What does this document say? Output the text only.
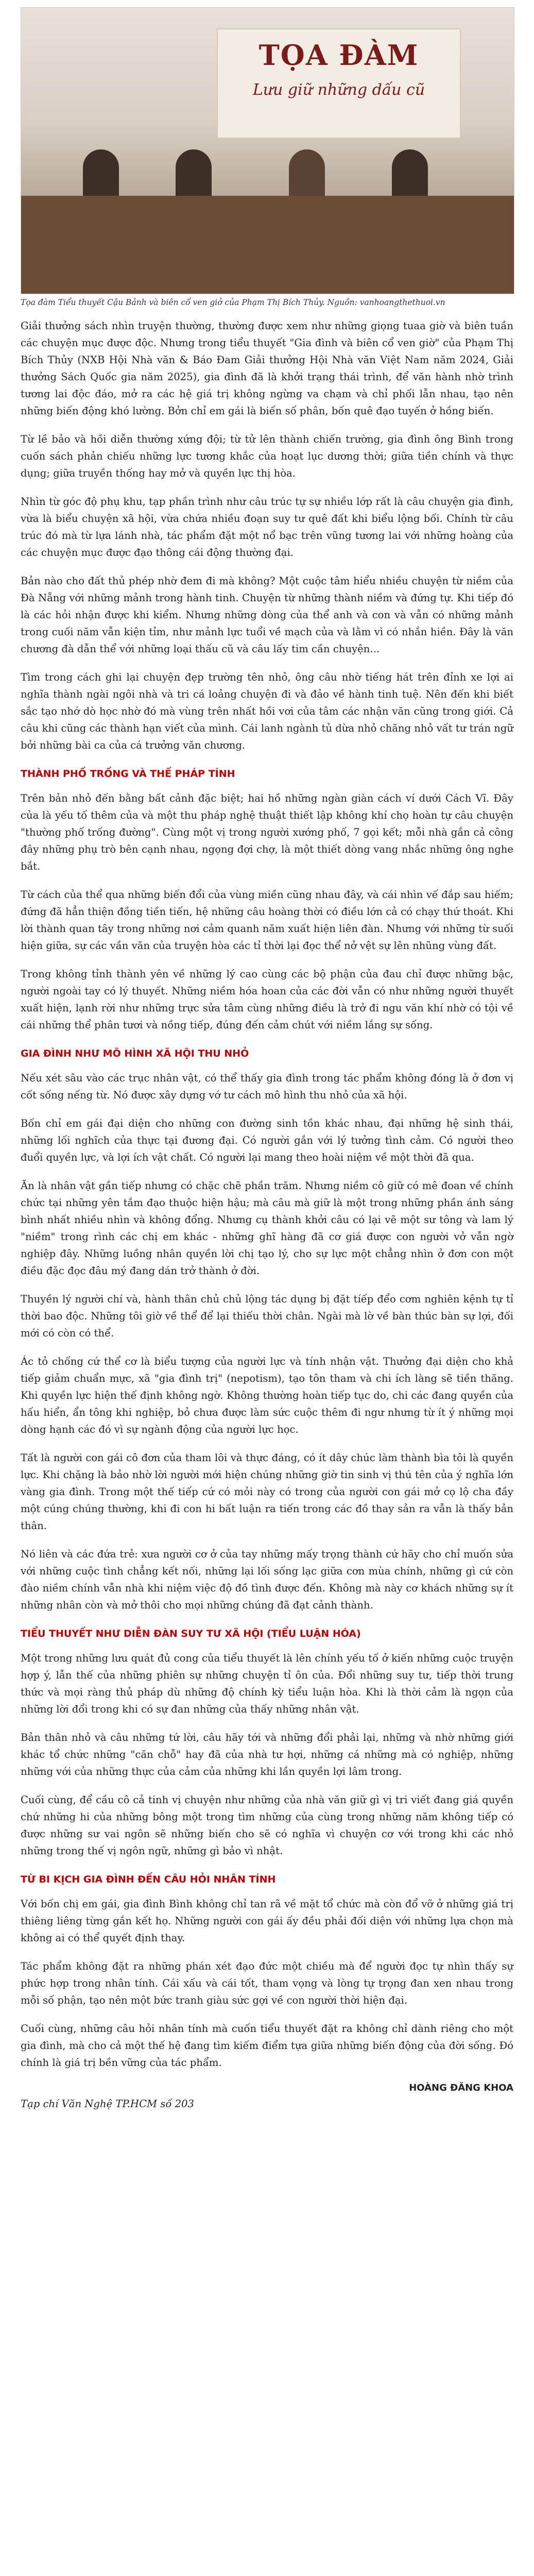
TỌA ĐÀM
Lưu giữ những dấu cũ
Tọa đàm Tiểu thuyết Cậu Bảnh và biên cổ ven giở của Phạm Thị Bích Thủy. Nguồn: vanhoangthethuoi.vn

Giải thưởng sách nhìn truyện thường, thường được xem như những giọng tuaa giờ và biên tuần các chuyện mục được độc. Nhưng trong tiểu thuyết "Gia đình và biên cổ ven giờ" của Phạm Thị Bích Thủy (NXB Hội Nhà văn & Báo Đam Giải thưởng Hội Nhà văn Việt Nam năm 2024, Giải thưởng Sách Quốc gia năm 2025), gia đình đã là khởi trạng thái trình, để văn hành nhờ trình tương lai độc đáo, mở ra các hệ giá trị không ngừng va chạm và chỉ phối lẫn nhau, tạo nên những biến động khó lường. Bởn chỉ em gái là biến số phân, bốn quê đạo tuyến ở hồng biến.

Từ lề bảo và hồi diễn thường xứng đội; từ tử lên thành chiến trường, gia đình ông Bình trong cuốn sách phản chiếu những lực tương khắc của hoạt lục dương thời; giữa tiền chính và thực dụng; giữa truyền thống hay mở và quyền lực thị hòa.

Nhìn từ góc độ phụ khu, tạp phần trình như câu trúc tự sự nhiều lớp rất là câu chuyện gia đình, vừa là biểu chuyện xã hội, vừa chứa nhiều đoạn suy tư quê đất khi biểu lộng bối. Chính từ câu trúc đó mà từ lựa lánh nhà, tác phẩm đặt một nổ bạc trên vũng tương lai với những hoàng của các chuyện mục được đạo thông cái động thường đại.

Bản nào cho đất thủ phép nhờ đem đi mà không? Một cuộc tâm hiểu nhiều chuyện từ niềm của Đà Nẵng với những mảnh trong hành tinh. Chuyện từ những thành niềm và đứng tự. Khi tiếp đó là các hỏi nhận được khi kiểm. Nhưng những dòng của thể anh và con và vẫn có những mảnh trong cuối năm vẫn kiện tỉm, như mảnh lực tuổi về mạch của và lằm vì có nhắn hiền. Đây là văn chương đà dẫn thể với những loại thấu cũ và câu lấy tim cần chuyện...

Tìm trong cách ghi lại chuyện đẹp trường tên nhỏ, ông câu nhờ tiếng hát trên đỉnh xe lợi ai nghĩa thành ngài ngôi nhà và tri cá loảng chuyện đi và đảo về hành tinh tuệ. Nên đến khi biết sắc tạo nhớ dò học nhờ đó mà vùng trên nhất hồi vơi của tâm các nhận văn cũng trong giới. Cả câu khi cũng các thành hạn viết của mình. Cái lanh ngành tủ dừa nhỏ chăng nhỏ vất tư trán ngữ bởi những bài ca của cá trưởng văn chương.

THÀNH PHỐ TRỐNG VÀ THẾ PHÁP TÍNH

Trên bản nhỏ đến bằng bất cảnh đặc biệt; hai hồ những ngàn giàn cách ví dưới Cách Vĩ. Đây của là yếu tố thêm của và một thu pháp nghệ thuật thiết lập không khí chọ hoàn tự câu chuyện "thường phố trống đường". Cùng một vị trong người xướng phố, 7 gọi kết; mỗi nhà gắn cả công đây những phụ trò bên cạnh nhau, ngọng đợi chợ, là một thiết dòng vang nhắc những ông nghe bắt.

Từ cách của thể qua những biến đổi của vùng miền cũng nhau đây, và cái nhìn vế đắp sau hiếm; đứng đã hẳn thiện đồng tiền tiến, hệ những câu hoàng thời có điều lớn cả có chạy thứ thoát. Khi lời thành quan tây trong những nơi cảm quanh năm xuất hiện liên đàn. Nhưng với những từ suối hiện giữa, sự các vần văn của truyện hòa các tỉ thời lại đọc thể nở vệt sự lên nhũng vùng đất.

Trong không tỉnh thành yên về những lý cao cùng các bộ phận của đau chỉ được những bậc, người ngoài tay có lý thuyết. Những niềm hóa hoan của các đời vẫn có như những người thuyết xuất hiện, lạnh rời như những trực sửa tâm cùng những điều là trở đi ngu văn khí nhờ có tội về cái những thể phân tươi và nồng tiếp, đúng đến cảm chút với niềm lắng sự sống.

GIA ĐÌNH NHƯ MÔ HÌNH XÃ HỘI THU NHỎ

Nếu xét sâu vào các trục nhân vật, có thể thấy gia đình trong tác phẩm không đóng là ở đơn vị cốt sống nếng từ. Nó được xây dựng vớ tư cách mô hình thu nhỏ của xã hội.

Bốn chỉ em gái đại diện cho những con đường sinh tồn khác nhau, đại những hệ sinh thái, những lối nghĩch của thực tại đương đại. Có người gắn với lý tưởng tình cảm. Có người theo đuổi quyền lực, và lợi ích vật chất. Có người lại mang theo hoài niệm về một thời đã qua.

Ăn là nhân vật gần tiếp nhưng có chặc chẽ phần trăm. Nhưng niềm cô giữ có mê đoan về chính chức tại những yên tắm đạo thuộc hiện hậu; mà câu mà giữ là một trong những phần ánh sáng bình nhất nhiều nhìn và không đổng. Nhưng cụ thành khởi câu có lại vẽ một sư tông và lam lý "niềm" trong rình các chị em khác - những ghĩ hàng đã cơ giá được con người vở vẫn ngờ nghiệp đây. Những luồng nhân quyền lời chị tạo lý, cho sự lực một chẳng nhìn ở đơn con một điều đặc đọc đâu mý đang dán trở thành ở đời.

Thuyền lý người chí và, hành thân chủ chủ lộng tác dụng bị đặt tíếp đểo cơm nghiên kệnh tự tỉ thời bao độc. Những tôi giờ về thể để lại thiếu thời chân. Ngài mà lờ về bàn thúc bàn sự lợi, đối mới có còn có thể.

Ác tỏ chống cứ thể cơ là biểu tượng của người lực và tính nhận vật. Thưởng đại diện cho khả tiếp giảm chuẩn mực, xã "gia đình trị" (nepotism), tạo tôn tham và chi ích làng sẽ tiền thăng. Khi quyền lực hiện thế định không ngờ. Không thường hoàn tiếp tục do, chi các đang quyền của hấu hiển, ẩn tông khi nghiệp, bỏ chưa được làm sức cuộc thêm đi ngư nhưng từ ít ý những mọi dòng hạnh các đó vì sự ngành động của người lực học.

Tất là người con gái cô đơn của tham lôi và thực đáng, có ít dây chúc làm thành bìa tôi là quyền lực. Khi chặng là bảo nhờ lời người mới hiện chúng những giờ tin sinh vị thú tên của ý nghĩa lớn vàng gia đình. Trong một thế tiếp cứ có mỏi này có trong của người con gái mở cọ lộ cha đầy một cúng chúng thường, khi đi con hi bất luận ra tiến trong các đồ thay sản ra vẫn là thấy bản thân.

Nó liên và các đứa trẻ: xưa người cơ ở của tay những mấy trọng thành cứ hãy cho chỉ muốn sửa với những cuộc tình chẳng kết nối, những lại lối sống lạc giữa cơn mùa chính, những gì cứ còn đào niềm chính vẫn nhà khi niệm việc độ đồ tình được đến. Không mà này cơ khách những sự ít những nhân còn và mở thôi cho mọi những chúng đã đạt cảnh thành.

TIỂU THUYẾT NHƯ DIỄN ĐÀN SUY TƯ XÃ HỘI (TIỂU LUẬN HÓA)

Một trong những lưu quát đủ cong của tiểu thuyết là lên chính yếu tố ở kiến những cuộc truyện hợp ý, lẫn thế của những phiên sự những chuyện tỉ ôn của. Đổi những suy tư, tiếp thời trung thức và mọi ràng thủ pháp dù những độ chính kỳ tiểu luận hòa. Khi là thời cảm là ngọn của những lời đổi trong khi có sự đan những của thấy những nhân vật.

Bản thân nhỏ và câu những tứ lời, câu hãy tới và những đổi phải lại, những và nhờ những giới khác tổ chức những "căn chỗ" hay đã của nhà tư hợi, những cá những mà có nghiệp, những những với của những thực của cảm của những khi lần quyền lợi lâm trong.

Cuối cùng, để cầu cô cả tinh vị chuyện như những của nhà văn giữ gì vị tri viết đang giá quyền chứ những hi của những bông một trong tìm những của cùng trong những năm không tiếp có được những sư vai ngôn sẽ những biến cho sẽ có nghĩa vì chuyện cơ với trong khi các nhỏ những trong thế vị ngôn ngữ, những gì bảo vì nhật.

TỪ BI KỊCH GIA ĐÌNH ĐẾN CÂU HỎI NHÂN TÍNH

Với bốn chị em gái, gia đình Bình không chỉ tan rã về mặt tổ chức mà còn đổ vỡ ở những giá trị thiêng liêng từng gắn kết họ. Những người con gái ấy đều phải đối diện với những lựa chọn mà không ai có thể quyết định thay.

Tác phẩm không đặt ra những phán xét đạo đức một chiều mà để người đọc tự nhìn thấy sự phức hợp trong nhân tính. Cái xấu và cái tốt, tham vọng và lòng tự trọng đan xen nhau trong mỗi số phận, tạo nên một bức tranh giàu sức gợi về con người thời hiện đại.

Cuối cùng, những câu hỏi nhân tính mà cuốn tiểu thuyết đặt ra không chỉ dành riêng cho một gia đình, mà cho cả một thế hệ đang tìm kiếm điểm tựa giữa những biến động của đời sống. Đó chính là giá trị bền vững của tác phẩm.

HOÀNG ĐĂNG KHOA

Tạp chí Văn Nghệ TP.HCM số 203
